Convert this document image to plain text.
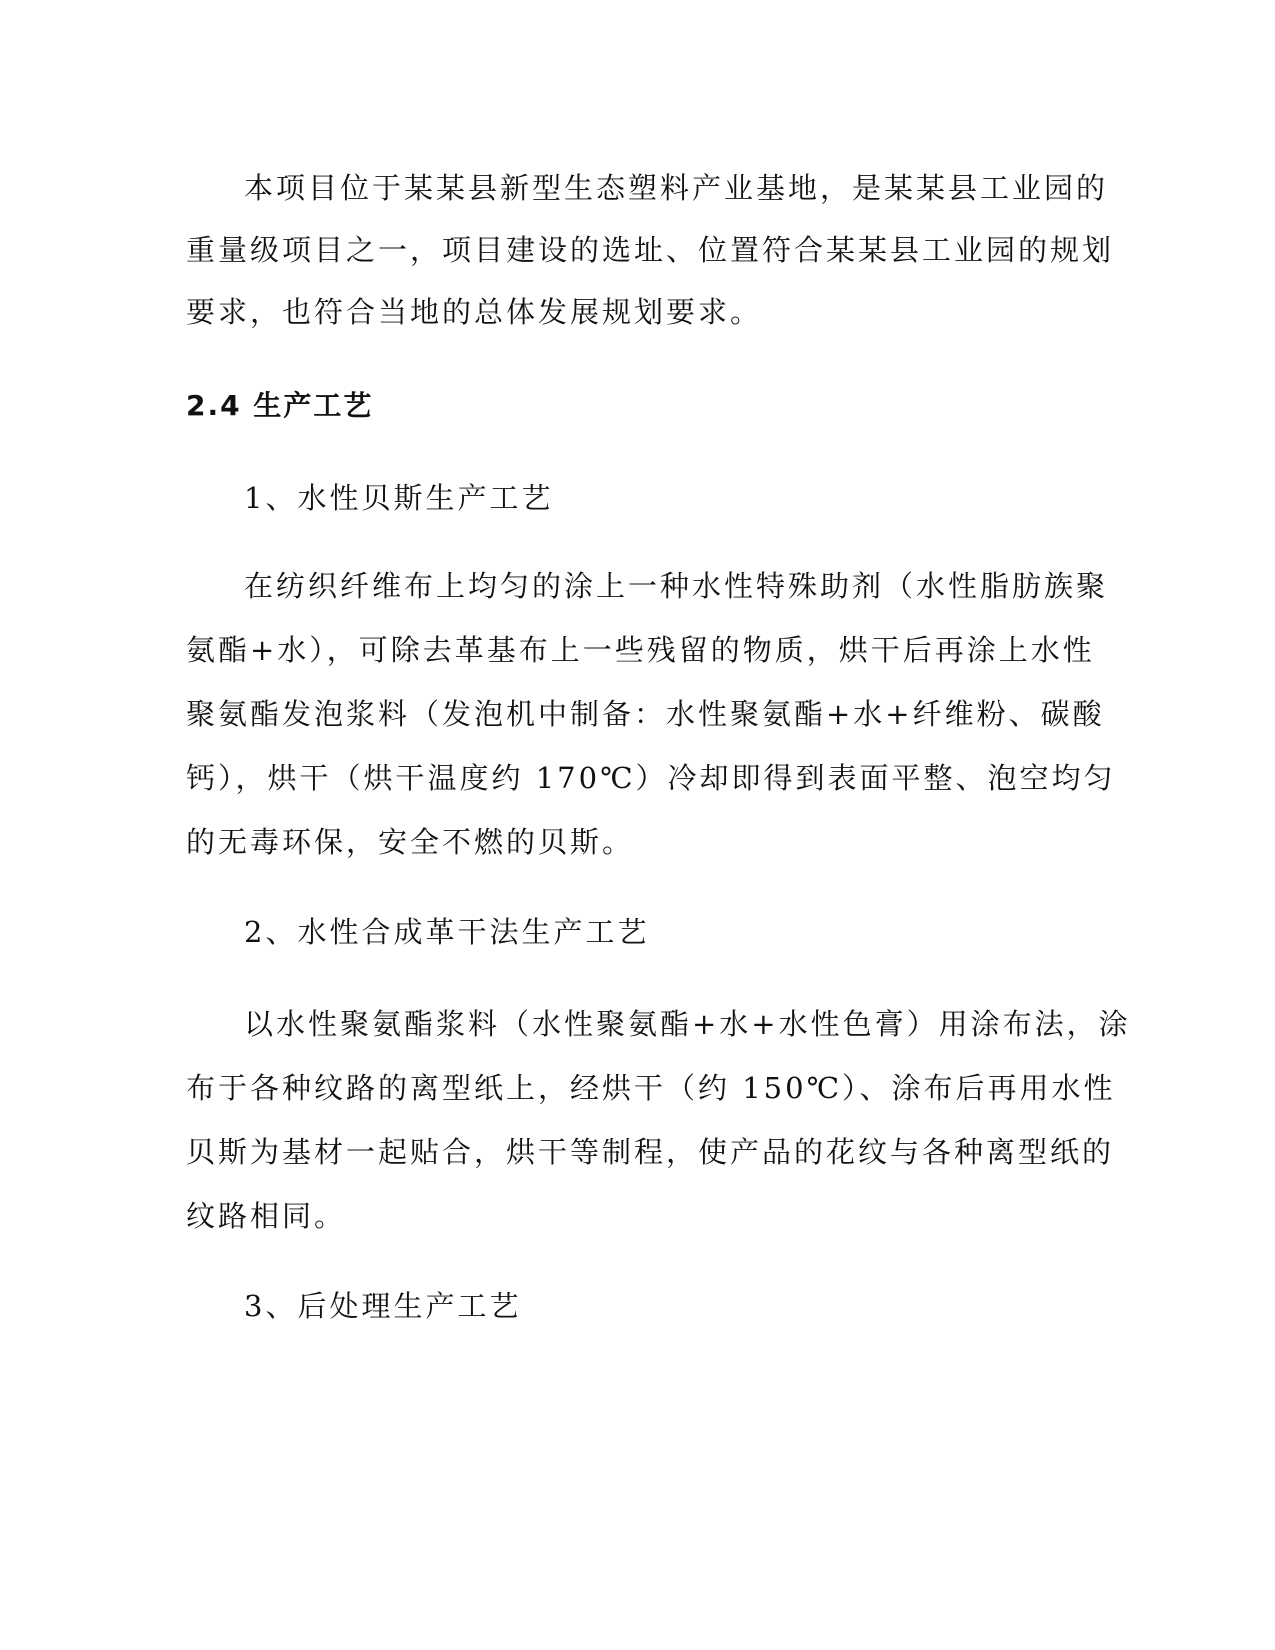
本项目位于某某县新型生态塑料产业基地，是某某县工业园的
重量级项目之一，项目建设的选址、位置符合某某县工业园的规划
要求，也符合当地的总体发展规划要求。
2.4 生产工艺
1、水性贝斯生产工艺
在纺织纤维布上均匀的涂上一种水性特殊助剂（水性脂肪族聚
氨酯+水），可除去革基布上一些残留的物质，烘干后再涂上水性
聚氨酯发泡浆料（发泡机中制备：水性聚氨酯+水+纤维粉、碳酸
钙），烘干（烘干温度约 170℃）冷却即得到表面平整、泡空均匀
的无毒环保，安全不燃的贝斯。
2、水性合成革干法生产工艺
以水性聚氨酯浆料（水性聚氨酯+水+水性色膏）用涂布法，涂
布于各种纹路的离型纸上，经烘干（约 150℃）、涂布后再用水性
贝斯为基材一起贴合，烘干等制程，使产品的花纹与各种离型纸的
纹路相同。
3、后处理生产工艺
